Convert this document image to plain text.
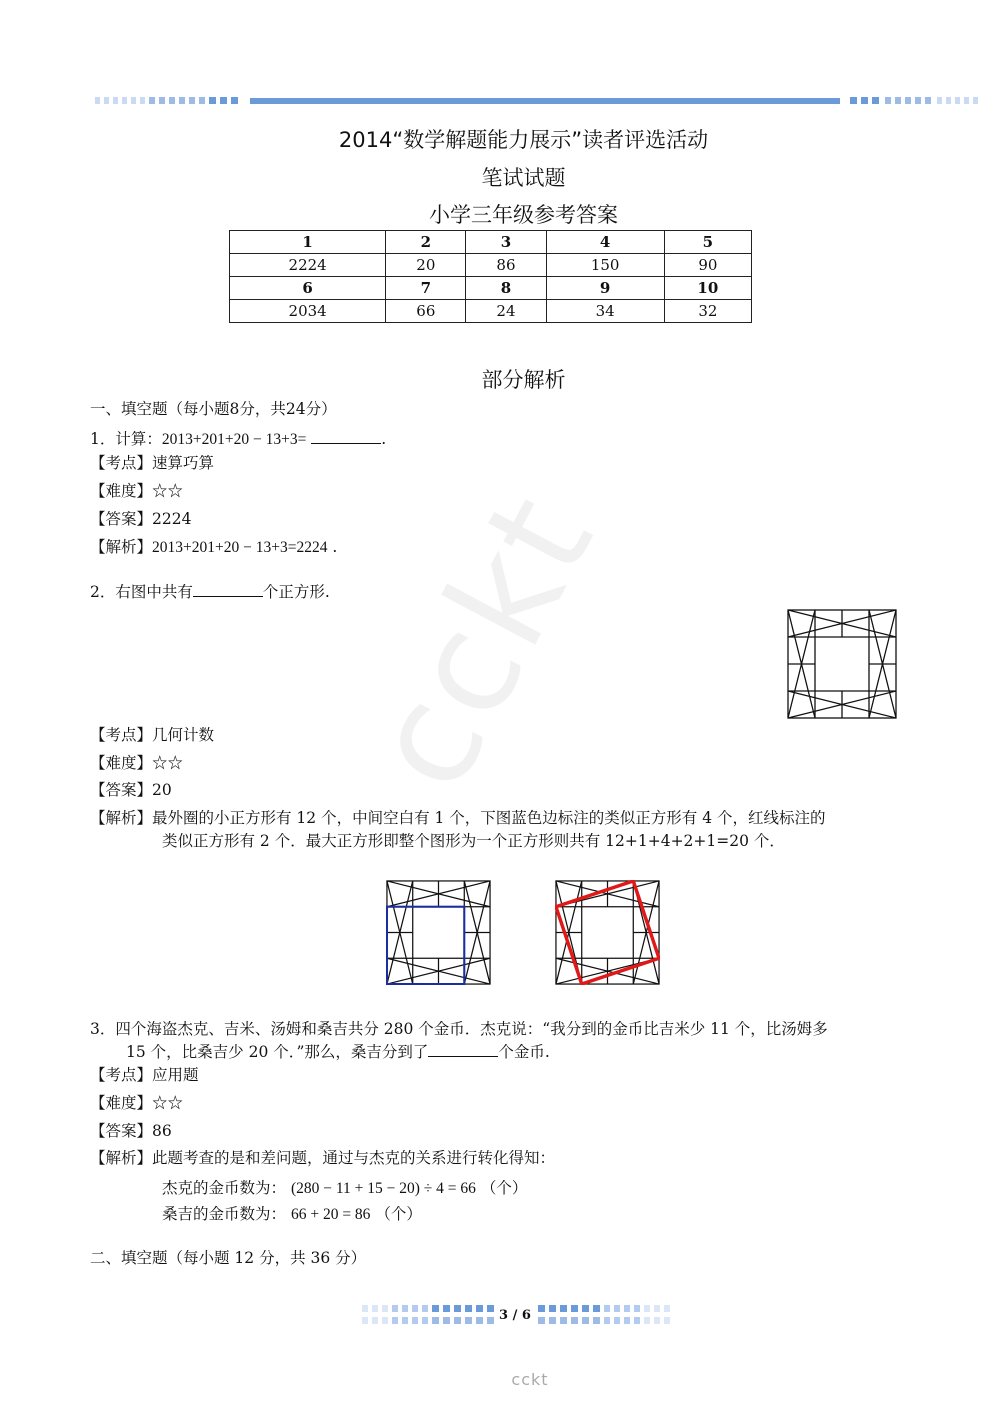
cckt
2014“数学解题能力展示”读者评选活动
笔试试题
小学三年级参考答案
1	2	3	4	5
2224	20	86	150	90
6	7	8	9	10
2034	66	24	34	32
部分解析
一、填空题（每小题8分，共24分）
1．计算：2013+201+20 − 13+3=	.
【考点】速算巧算
【难度】☆☆
【答案】2224
【解析】2013+201+20 − 13+3=2224 .
2．右图中共有	个正方形.
【考点】几何计数
【难度】☆☆
【答案】20
【解析】最外圈的小正方形有 12 个，中间空白有 1 个，下图蓝色边标注的类似正方形有 4 个，红线标注的
类似正方形有 2 个．最大正方形即整个图形为一个正方形则共有 12+1+4+2+1=20 个．
3．四个海盗杰克、吉米、汤姆和桑吉共分 280 个金币．杰克说：“我分到的金币比吉米少 11 个，比汤姆多
15 个，比桑吉少 20 个．”那么，桑吉分到了	个金币.
【考点】应用题
【难度】☆☆
【答案】86
【解析】此题考查的是和差问题，通过与杰克的关系进行转化得知：
杰克的金币数为： (280 − 11 + 15 − 20) ÷ 4 = 66 （个）
桑吉的金币数为： 66 + 20 = 86 （个）
二、填空题（每小题 12 分，共 36 分）
3 / 6
cckt
